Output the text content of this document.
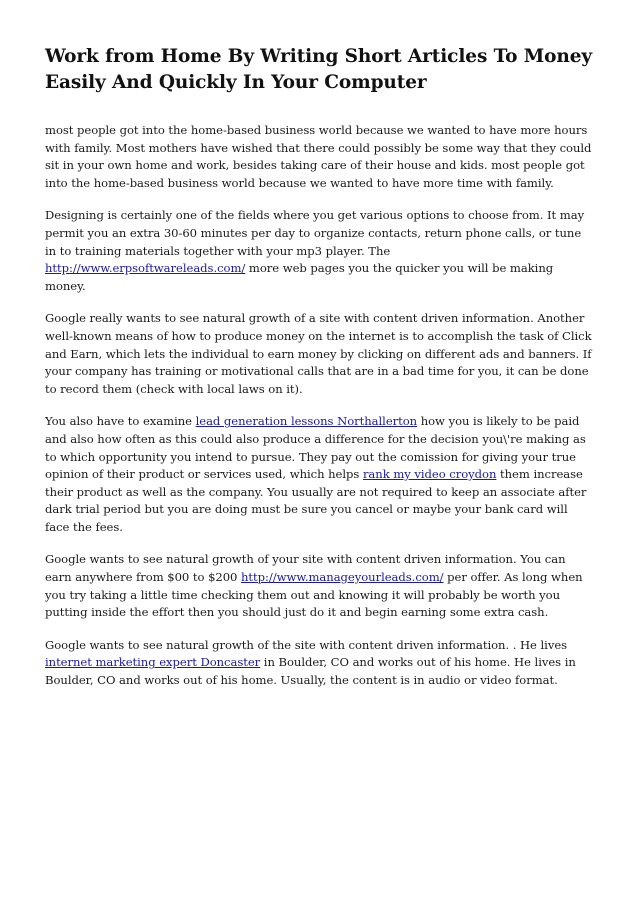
Work from Home By Writing Short Articles To Money Easily And Quickly In Your Computer

most people got into the home-based business world because we wanted to have more hours with family. Most mothers have wished that there could possibly be some way that they could sit in your own home and work, besides taking care of their house and kids. most people got into the home-based business world because we wanted to have more time with family.

Designing is certainly one of the fields where you get various options to choose from. It may permit you an extra 30-60 minutes per day to organize contacts, return phone calls, or tune in to training materials together with your mp3 player. The http://www.erpsoftwareleads.com/ more web pages you the quicker you will be making money.

Google really wants to see natural growth of a site with content driven information. Another well-known means of how to produce money on the internet is to accomplish the task of Click and Earn, which lets the individual to earn money by clicking on different ads and banners. If your company has training or motivational calls that are in a bad time for you, it can be done to record them (check with local laws on it).

You also have to examine lead generation lessons Northallerton how you is likely to be paid and also how often as this could also produce a difference for the decision you\'re making as to which opportunity you intend to pursue. They pay out the comission for giving your true opinion of their product or services used, which helps rank my video croydon them increase their product as well as the company. You usually are not required to keep an associate after dark trial period but you are doing must be sure you cancel or maybe your bank card will face the fees.

Google wants to see natural growth of your site with content driven information. You can earn anywhere from $00 to $200 http://www.manageyourleads.com/ per offer. As long when you try taking a little time checking them out and knowing it will probably be worth you putting inside the effort then you should just do it and begin earning some extra cash.

Google wants to see natural growth of the site with content driven information. . He lives internet marketing expert Doncaster in Boulder, CO and works out of his home. He lives in Boulder, CO and works out of his home. Usually, the content is in audio or video format.
